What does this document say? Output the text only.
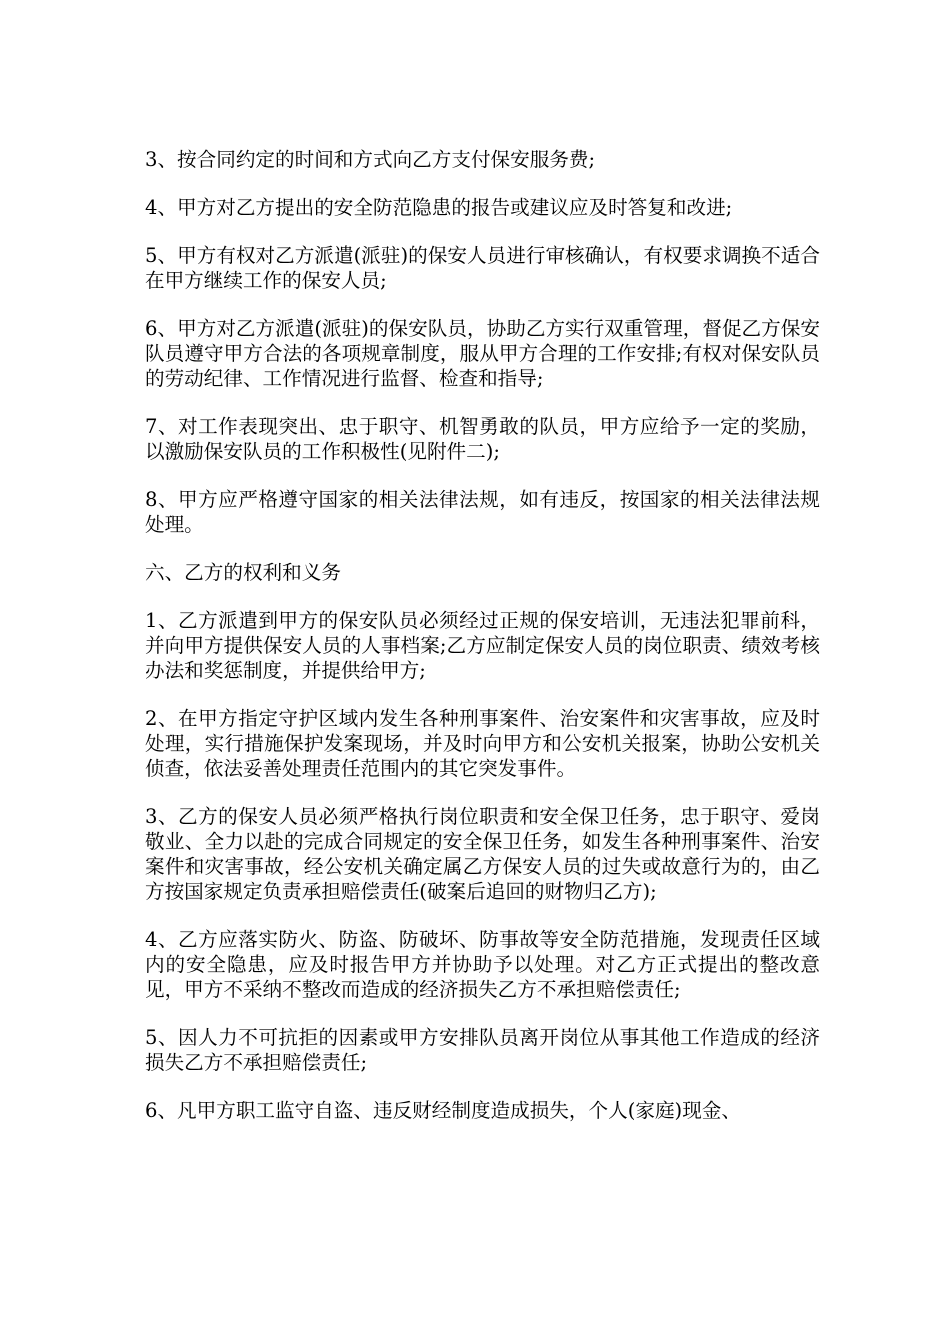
3、按合同约定的时间和方式向乙方支付保安服务费;

4、甲方对乙方提出的安全防范隐患的报告或建议应及时答复和改进;

5、甲方有权对乙方派遣(派驻)的保安人员进行审核确认，有权要求调换不适合在甲方继续工作的保安人员;

6、甲方对乙方派遣(派驻)的保安队员，协助乙方实行双重管理，督促乙方保安队员遵守甲方合法的各项规章制度，服从甲方合理的工作安排;有权对保安队员的劳动纪律、工作情况进行监督、检查和指导;

7、对工作表现突出、忠于职守、机智勇敢的队员，甲方应给予一定的奖励，以激励保安队员的工作积极性(见附件二);

8、甲方应严格遵守国家的相关法律法规，如有违反，按国家的相关法律法规处理。

六、乙方的权利和义务

1、乙方派遣到甲方的保安队员必须经过正规的保安培训，无违法犯罪前科，并向甲方提供保安人员的人事档案;乙方应制定保安人员的岗位职责、绩效考核办法和奖惩制度，并提供给甲方;

2、在甲方指定守护区域内发生各种刑事案件、治安案件和灾害事故，应及时处理，实行措施保护发案现场，并及时向甲方和公安机关报案，协助公安机关侦查，依法妥善处理责任范围内的其它突发事件。

3、乙方的保安人员必须严格执行岗位职责和安全保卫任务，忠于职守、爱岗敬业、全力以赴的完成合同规定的安全保卫任务，如发生各种刑事案件、治安案件和灾害事故，经公安机关确定属乙方保安人员的过失或故意行为的，由乙方按国家规定负责承担赔偿责任(破案后追回的财物归乙方);

4、乙方应落实防火、防盗、防破坏、防事故等安全防范措施，发现责任区域内的安全隐患，应及时报告甲方并协助予以处理。对乙方正式提出的整改意见，甲方不采纳不整改而造成的经济损失乙方不承担赔偿责任;

5、因人力不可抗拒的因素或甲方安排队员离开岗位从事其他工作造成的经济损失乙方不承担赔偿责任;

6、凡甲方职工监守自盗、违反财经制度造成损失，个人(家庭)现金、
